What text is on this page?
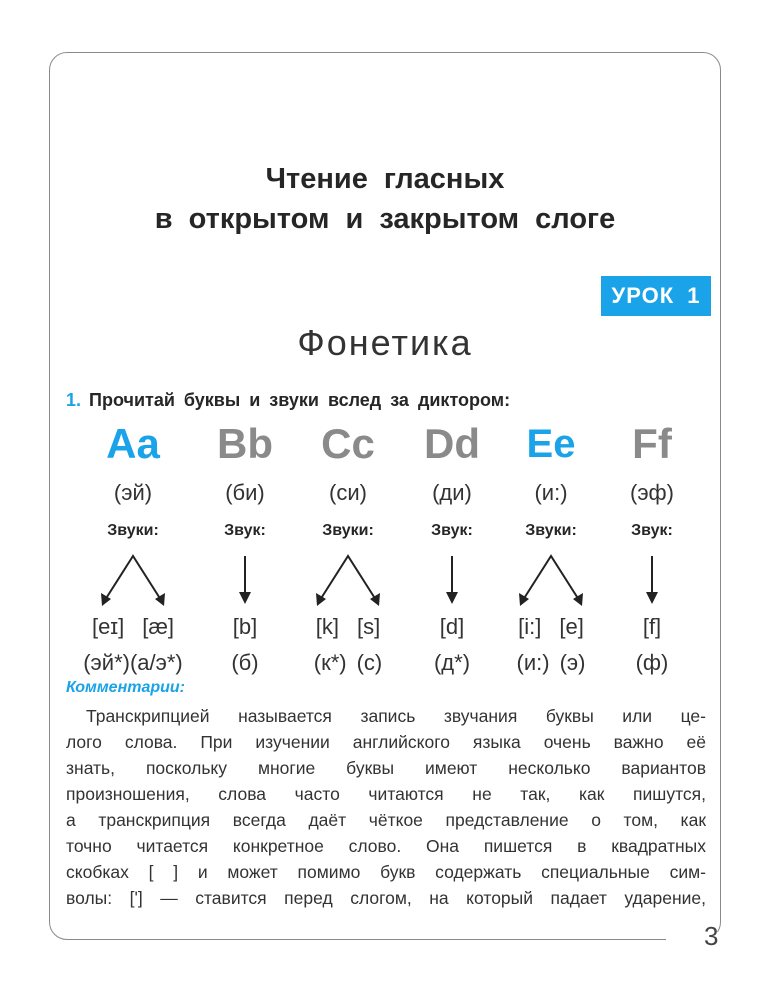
3
Чтение гласных
в открытом и закрытом слоге
УРОК 1
Фонетика
1. Прочитай буквы и звуки вслед за диктором:
Aa
(эй)
Звуки:
[eɪ] [æ]
(эй*)(а/э*)
Bb
(би)
Звук:
[b]
(б)
Cc
(си)
Звуки:
[k] [s]
(к*) (с)
Dd
(ди)
Звук:
[d]
(д*)
Ee
(и:)
Звуки:
[i:] [e]
(и:) (э)
Ff
(эф)
Звук:
[f]
(ф)
Комментарии:
Транскрипцией называется запись звучания буквы или це-
лого слова. При изучении английского языка очень важно её
знать, поскольку многие буквы имеют несколько вариантов
произношения, слова часто читаются не так, как пишутся,
а транскрипция всегда даёт чёткое представление о том, как
точно читается конкретное слово. Она пишется в квадратных
скобках [ ] и может помимо букв содержать специальные сим-
волы: [ʹ] — ставится перед слогом, на который падает ударение,
